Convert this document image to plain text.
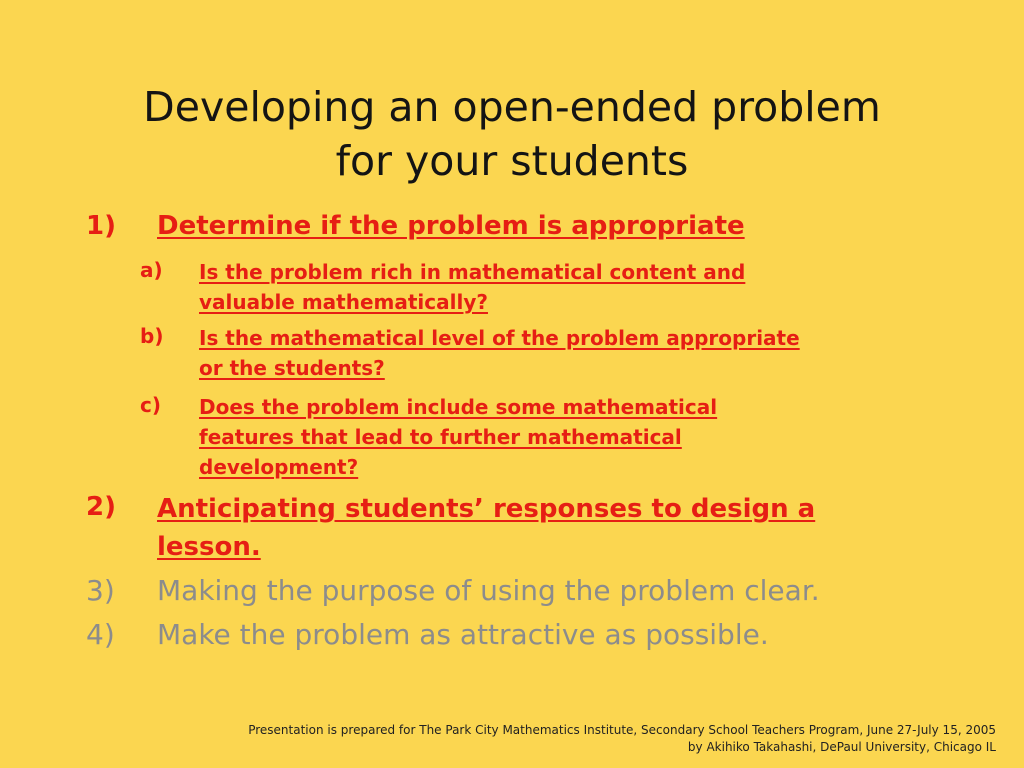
Developing an open-ended problem
for your students
1) Determine if the problem is appropriate
a) Is the problem rich in mathematical content and
valuable mathematically?
b) Is the mathematical level of the problem appropriate
or the students?
c) Does the problem include some mathematical
features that lead to further mathematical
development?
2) Anticipating students’ responses to design a
lesson.
3) Making the purpose of using the problem clear.
4) Make the problem as attractive as possible.
Presentation is prepared for The Park City Mathematics Institute, Secondary School Teachers Program, June 27-July 15, 2005
by Akihiko Takahashi, DePaul University, Chicago IL
